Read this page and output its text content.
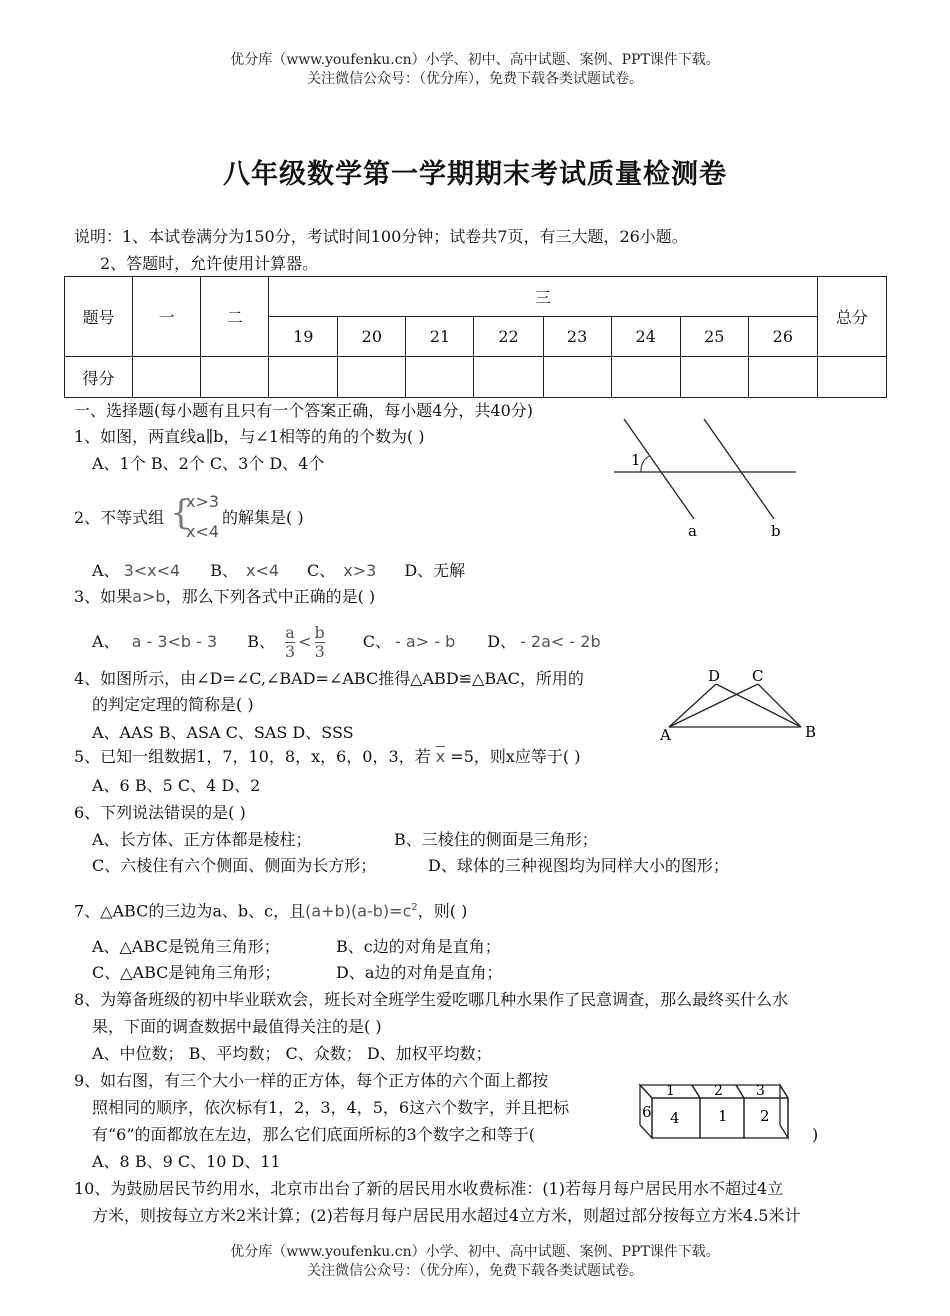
优分库（www.youfenku.cn）小学、初中、高中试题、案例、PPT课件下载。
关注微信公众号：（优分库），免费下载各类试题试卷。
八年级数学第一学期期末考试质量检测卷
说明：1、本试卷满分为150分，考试时间100分钟；试卷共7页，有三大题，26小题。
2、答题时，允许使用计算器。
题号	一	二	三								总分
			19	20	21	22	23	24	25	26	
得分											
一、选择题(每小题有且只有一个答案正确，每小题4分，共40分)
1、如图，两直线a∥b，与∠1相等的角的个数为( )
A、1个 B、2个 C、3个 D、4个	1
a	b
2、不等式组 {
x>3
x<4
的解集是( )
A、 3<x<4 B、 x<4 C、 x>3 D、无解
3、如果a>b，那么下列各式中正确的是( )
A、 a - 3<b - 3 B、 $\frac{a}{3} < \frac{b}{3}$ C、 - a> - b D、 - 2a< - 2b
4、如图所示，由∠D=∠C,∠BAD=∠ABC推得△ABD≌△BAC，所用的
的判定定理的简称是( )
A、AAS B、ASA C、SAS D、SSS
D C
A	B
5、已知一组数据1，7，10，8，x，6，0，3，若 x =5，则x应等于( )
A、6 B、5 C、4 D、2
6、下列说法错误的是( )
A、长方体、正方体都是棱柱；	B、三棱住的侧面是三角形；
C、六棱住有六个侧面、侧面为长方形；	D、球体的三种视图均为同样大小的图形；
7、△ABC的三边为a、b、c，且$(a+b)(a-b)=c^2$，则( )
A、△ABC是锐角三角形；	B、c边的对角是直角；
C、△ABC是钝角三角形；	D、a边的对角是直角；
8、为筹备班级的初中毕业联欢会，班长对全班学生爱吃哪几种水果作了民意调查，那么最终买什么水
果，下面的调查数据中最值得关注的是( )
A、中位数； B、平均数； C、众数； D、加权平均数；
9、如右图，有三个大小一样的正方体，每个正方体的六个面上都按
照相同的顺序，依次标有1，2，3，4，5，6这六个数字，并且把标
有“6”的面都放在左边，那么它们底面所标的3个数字之和等于(	)
A、8 B、9 C、10 D、11
1	2 3
6 4	1 2
10、为鼓励居民节约用水，北京市出台了新的居民用水收费标准：(1)若每月每户居民用水不超过4立
方米，则按每立方米2米计算；(2)若每月每户居民用水超过4立方米，则超过部分按每立方米4.5米计
优分库（www.youfenku.cn）小学、初中、高中试题、案例、PPT课件下载。
关注微信公众号：（优分库），免费下载各类试题试卷。
